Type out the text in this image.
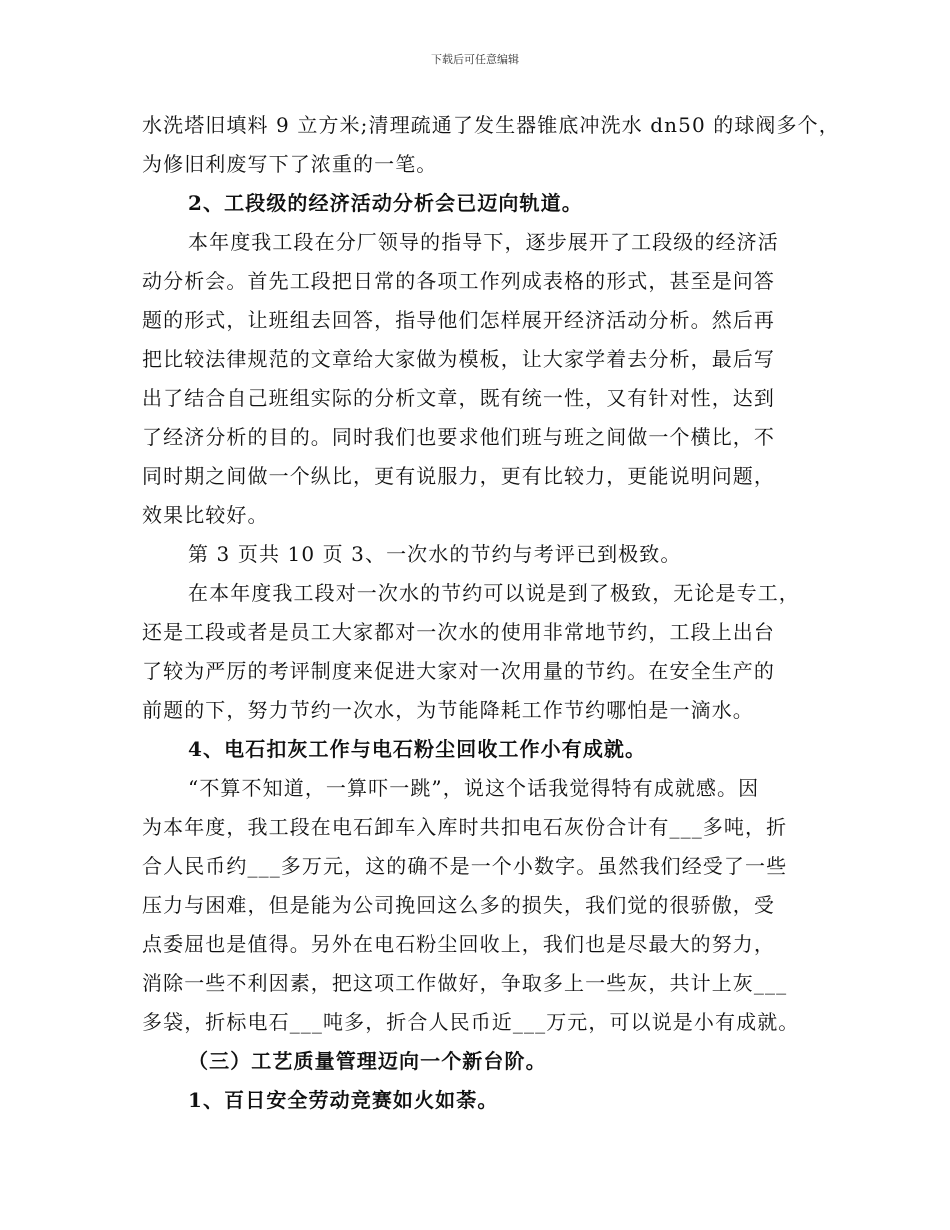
下载后可任意编辑
水洗塔旧填料 9 立方米;清理疏通了发生器锥底冲洗水 dn50 的球阀多个，
为修旧利废写下了浓重的一笔。
2、工段级的经济活动分析会已迈向轨道。
本年度我工段在分厂领导的指导下，逐步展开了工段级的经济活
动分析会。首先工段把日常的各项工作列成表格的形式，甚至是问答
题的形式，让班组去回答，指导他们怎样展开经济活动分析。然后再
把比较法律规范的文章给大家做为模板，让大家学着去分析，最后写
出了结合自己班组实际的分析文章，既有统一性，又有针对性，达到
了经济分析的目的。同时我们也要求他们班与班之间做一个横比，不
同时期之间做一个纵比，更有说服力，更有比较力，更能说明问题，
效果比较好。
第 3 页共 10 页 3、一次水的节约与考评已到极致。
在本年度我工段对一次水的节约可以说是到了极致，无论是专工，
还是工段或者是员工大家都对一次水的使用非常地节约，工段上出台
了较为严厉的考评制度来促进大家对一次用量的节约。在安全生产的
前题的下，努力节约一次水，为节能降耗工作节约哪怕是一滴水。
4、电石扣灰工作与电石粉尘回收工作小有成就。
“不算不知道，一算吓一跳”，说这个话我觉得特有成就感。因
为本年度，我工段在电石卸车入库时共扣电石灰份合计有___多吨，折
合人民币约___多万元，这的确不是一个小数字。虽然我们经受了一些
压力与困难，但是能为公司挽回这么多的损失，我们觉的很骄傲，受
点委屈也是值得。另外在电石粉尘回收上，我们也是尽最大的努力，
消除一些不利因素，把这项工作做好，争取多上一些灰，共计上灰___
多袋，折标电石___吨多，折合人民币近___万元，可以说是小有成就。
（三）工艺质量管理迈向一个新台阶。
1、百日安全劳动竞赛如火如荼。
